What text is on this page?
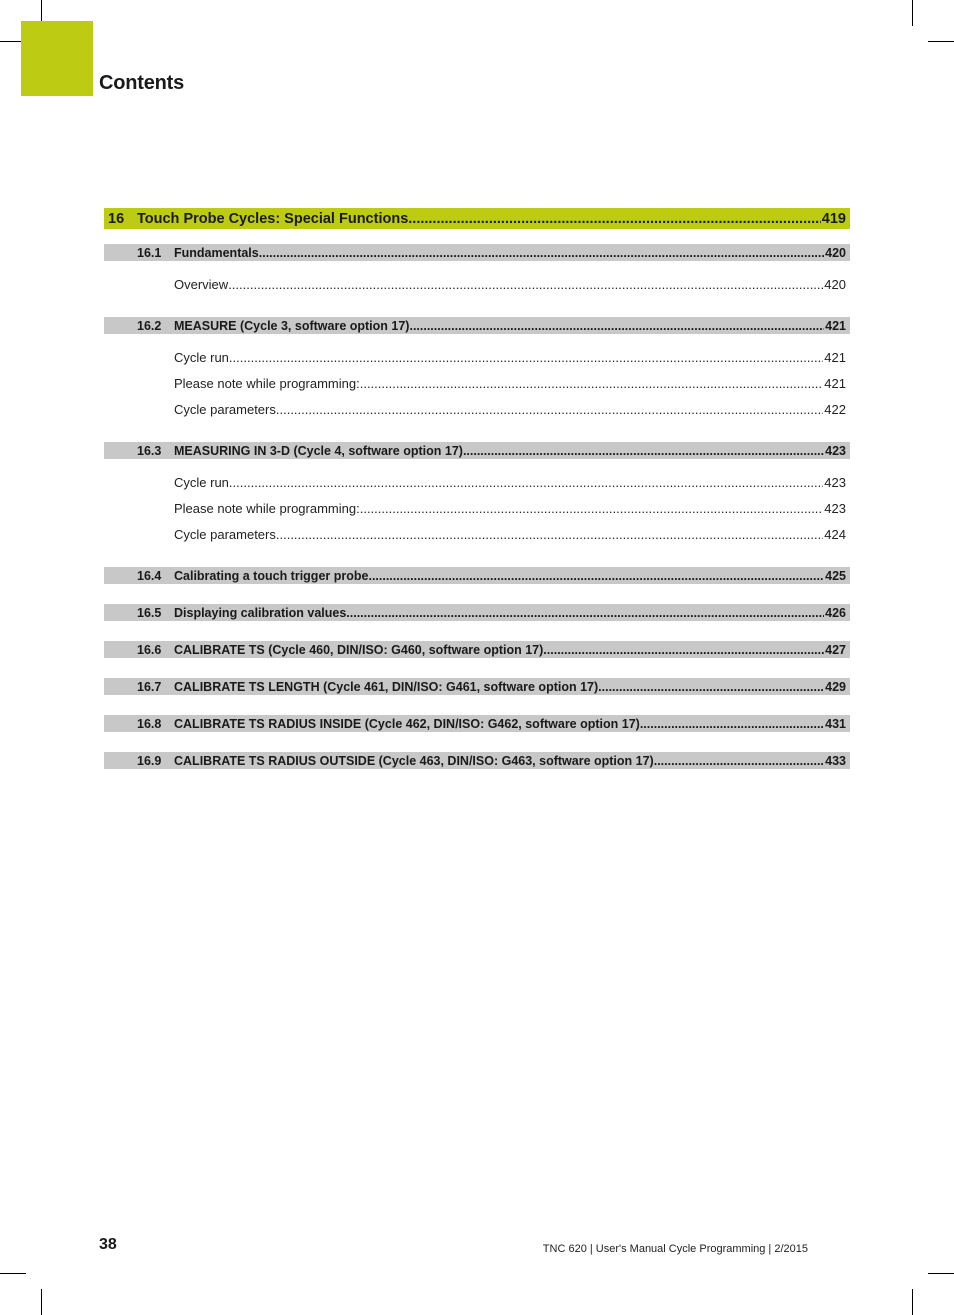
Contents
16 Touch Probe Cycles: Special Functions .....	419
16.1	Fundamentals .....	420
Overview .....	420
16.2	MEASURE (Cycle 3, software option 17) .....	421
Cycle run .....	421
Please note while programming: .....	421
Cycle parameters .....	422
16.3	MEASURING IN 3-D (Cycle 4, software option 17) .....	423
Cycle run .....	423
Please note while programming: .....	423
Cycle parameters .....	424
16.4	Calibrating a touch trigger probe .....	425
16.5	Displaying calibration values .....	426
16.6	CALIBRATE TS (Cycle 460, DIN/ISO: G460, software option 17) .....	427
16.7	CALIBRATE TS LENGTH (Cycle 461, DIN/ISO: G461, software option 17) .....	429
16.8	CALIBRATE TS RADIUS INSIDE (Cycle 462, DIN/ISO: G462, software option 17) .....	431
16.9	CALIBRATE TS RADIUS OUTSIDE (Cycle 463, DIN/ISO: G463, software option 17) .....	433
38	TNC 620 | User's Manual Cycle Programming | 2/2015
